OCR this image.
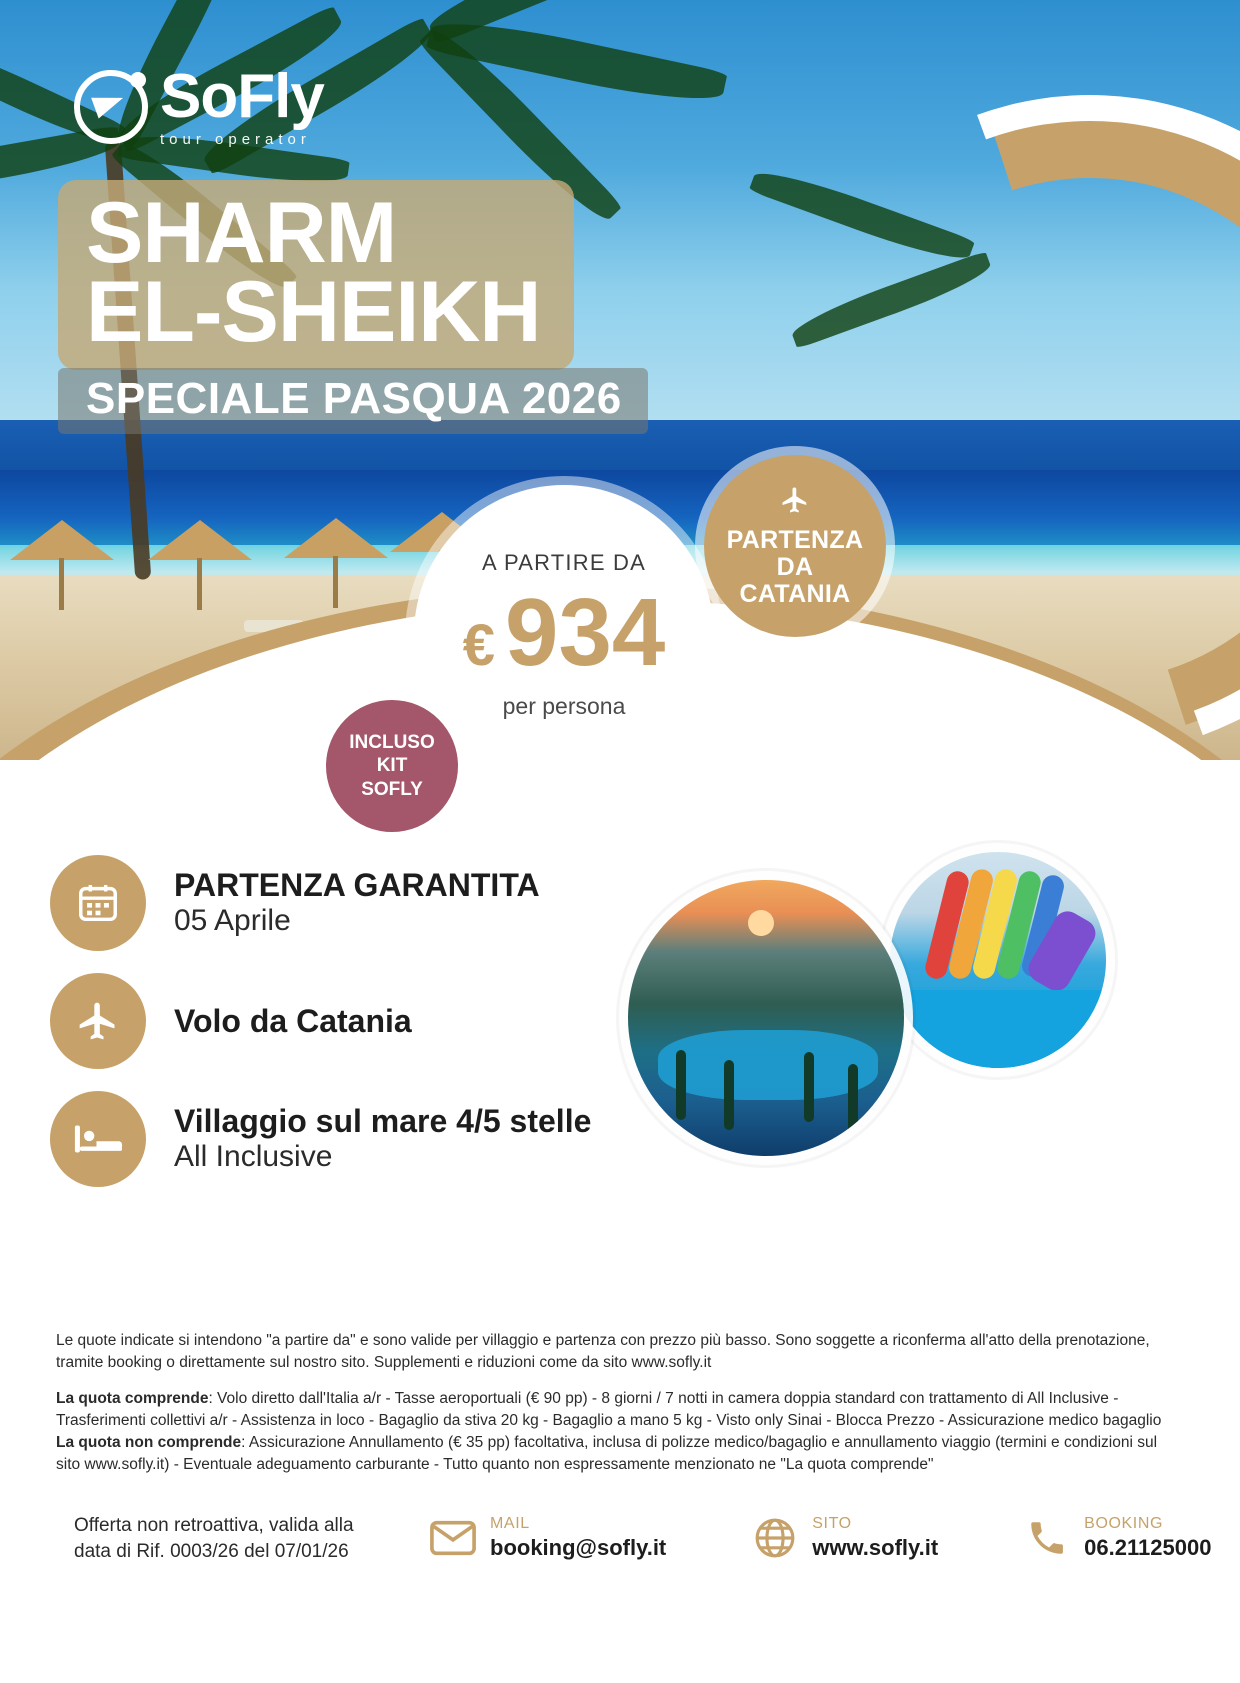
SoFly
tour operator
SHARM
EL-SHEIKH
SPECIALE PASQUA 2026
A PARTIRE DA
€ 934
per persona
PARTENZA
DA
CATANIA
INCLUSO
KIT
SOFLY
PARTENZA GARANTITA
05 Aprile
Volo da Catania
Villaggio sul mare 4/5 stelle
All Inclusive

Le quote indicate si intendono "a partire da" e sono valide per villaggio e partenza con prezzo più basso. Sono soggette a riconferma all'atto della prenotazione, tramite booking o direttamente sul nostro sito. Supplementi e riduzioni come da sito www.sofly.it

La quota comprende: Volo diretto dall'Italia a/r - Tasse aeroportuali (€ 90 pp) - 8 giorni / 7 notti in camera doppia standard con trattamento di All Inclusive - Trasferimenti collettivi a/r - Assistenza in loco - Bagaglio da stiva 20 kg - Bagaglio a mano 5 kg - Visto only Sinai - Blocca Prezzo - Assicurazione medico bagaglio
La quota non comprende: Assicurazione Annullamento (€ 35 pp) facoltativa, inclusa di polizze medico/bagaglio e annullamento viaggio (termini e condizioni sul sito www.sofly.it) - Eventuale adeguamento carburante - Tutto quanto non espressamente menzionato ne "La quota comprende"

Offerta non retroattiva, valida alla
data di Rif. 0003/26 del 07/01/26
MAIL
booking@sofly.it
SITO
www.sofly.it
BOOKING
06.21125000
